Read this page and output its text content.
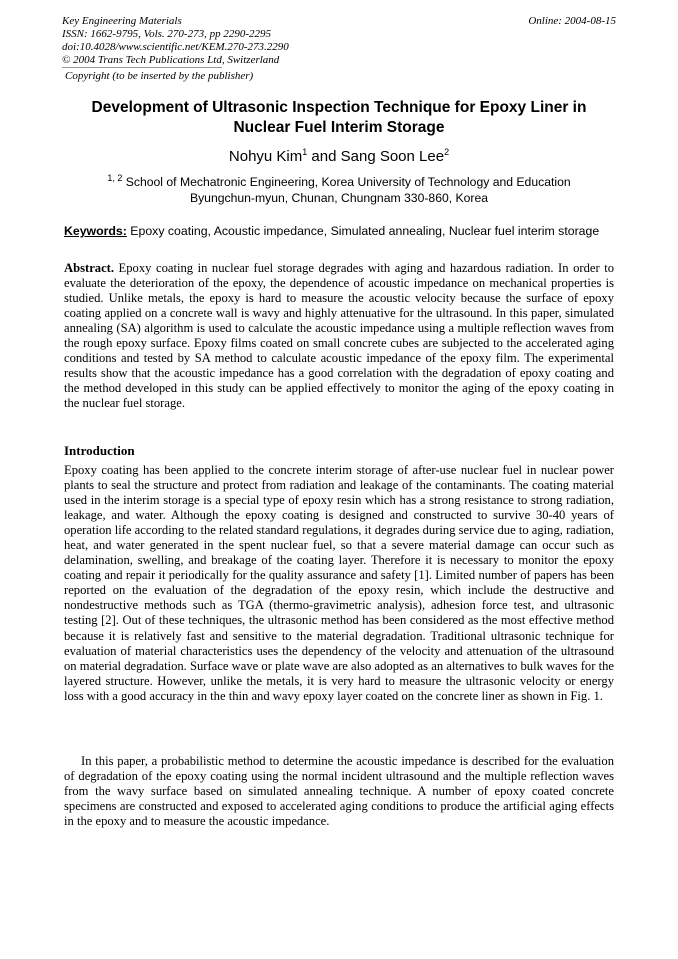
Key Engineering Materials
ISSN: 1662-9795, Vols. 270-273, pp 2290-2295
doi:10.4028/www.scientific.net/KEM.270-273.2290
© 2004 Trans Tech Publications Ltd, Switzerland
Online: 2004-08-15
Copyright (to be inserted by the publisher)
Development of Ultrasonic Inspection Technique for Epoxy Liner in
Nuclear Fuel Interim Storage
Nohyu Kim$^1$ and Sang Soon Lee$^2$
$^{1, 2}$ School of Mechatronic Engineering, Korea University of Technology and Education
Byungchun-myun, Chunan, Chungnam 330-860, Korea
Keywords: Epoxy coating, Acoustic impedance, Simulated annealing, Nuclear fuel interim storage

Abstract. Epoxy coating in nuclear fuel storage degrades with aging and hazardous radiation. In order to evaluate the deterioration of the epoxy, the dependence of acoustic impedance on mechanical properties is studied. Unlike metals, the epoxy is hard to measure the acoustic velocity because the surface of epoxy coating applied on a concrete wall is wavy and highly attenuative for the ultrasound. In this paper, simulated annealing (SA) algorithm is used to calculate the acoustic impedance using a multiple reflection waves from the rough epoxy surface. Epoxy films coated on small concrete cubes are subjected to the accelerated aging conditions and tested by SA method to calculate acoustic impedance of the epoxy film. The experimental results show that the acoustic impedance has a good correlation with the degradation of epoxy coating and the method developed in this study can be applied effectively to monitor the aging of the epoxy coating in the nuclear fuel storage.

Introduction

Epoxy coating has been applied to the concrete interim storage of after-use nuclear fuel in nuclear power plants to seal the structure and protect from radiation and leakage of the contaminants. The coating material used in the interim storage is a special type of epoxy resin which has a strong resistance to strong radiation, leakage, and water. Although the epoxy coating is designed and constructed to survive 30-40 years of operation life according to the related standard regulations, it degrades during service due to aging, radiation, heat, and water generated in the spent nuclear fuel, so that a severe material damage can occur such as delamination, swelling, and breakage of the coating layer. Therefore it is necessary to monitor the epoxy coating and repair it periodically for the quality assurance and safety [1]. Limited number of papers has been reported on the evaluation of the degradation of the epoxy resin, which include the destructive and nondestructive methods such as TGA (thermo-gravimetric analysis), adhesion force test, and ultrasonic testing [2]. Out of these techniques, the ultrasonic method has been considered as the most effective method because it is relatively fast and sensitive to the material degradation. Traditional ultrasonic technique for evaluation of material characteristics uses the dependency of the velocity and attenuation of the ultrasound on material degradation. Surface wave or plate wave are also adopted as an alternatives to bulk waves for the layered structure. However, unlike the metals, it is very hard to measure the ultrasonic velocity or energy loss with a good accuracy in the thin and wavy epoxy layer coated on the concrete liner as shown in Fig. 1.

In this paper, a probabilistic method to determine the acoustic impedance is described for the evaluation of degradation of the epoxy coating using the normal incident ultrasound and the multiple reflection waves from the wavy surface based on simulated annealing technique. A number of epoxy coated concrete specimens are constructed and exposed to accelerated aging conditions to produce the artificial aging effects in the epoxy and to measure the acoustic impedance.
